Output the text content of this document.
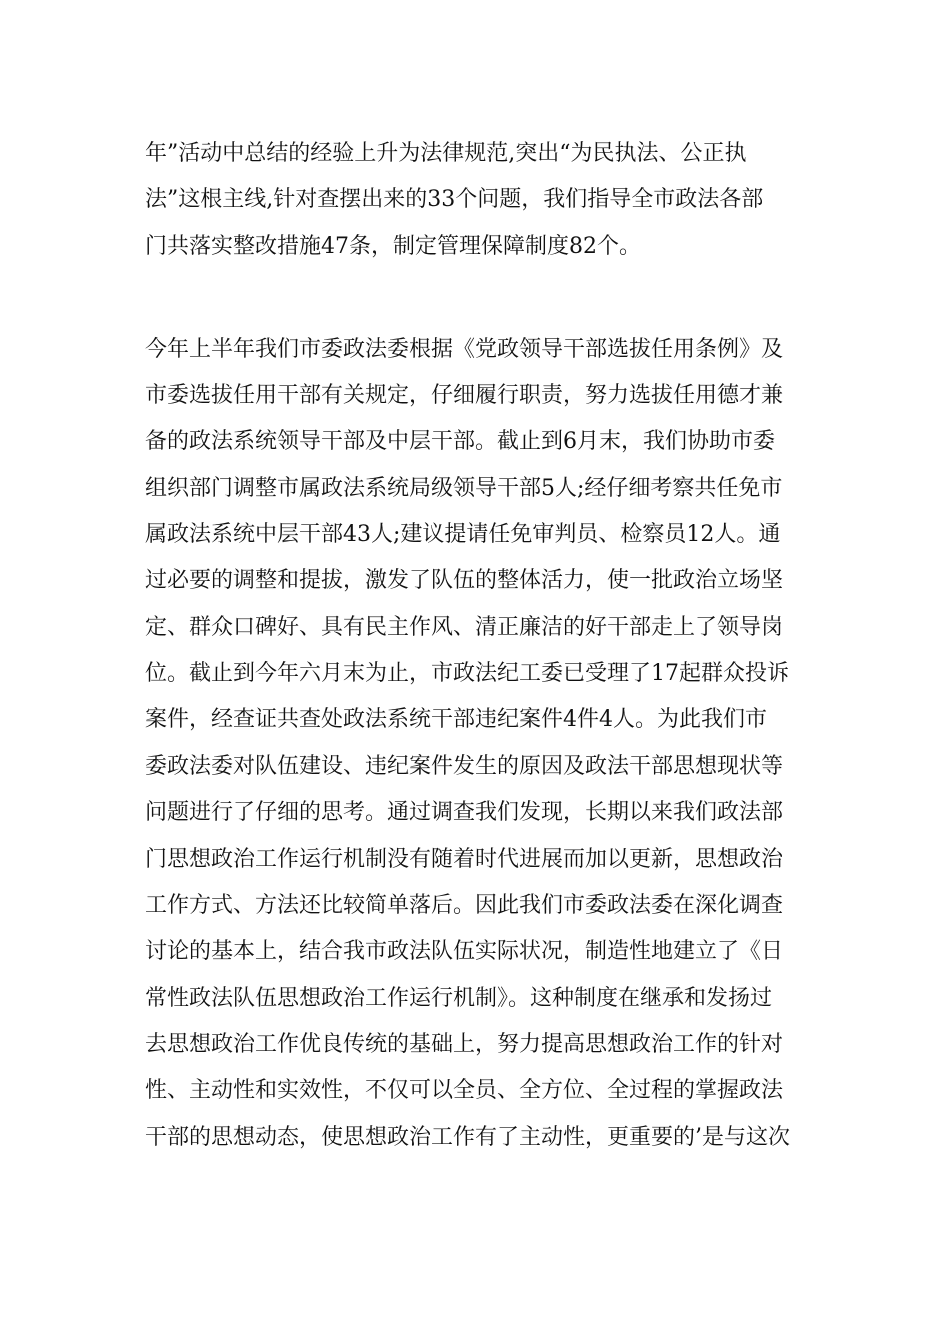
年”活动中总结的经验上升为法律规范,突出“为民执法、公正执
法”这根主线,针对查摆出来的33个问题，我们指导全市政法各部
门共落实整改措施47条，制定管理保障制度82个。
今年上半年我们市委政法委根据《党政领导干部选拔任用条例》及
市委选拔任用干部有关规定，仔细履行职责，努力选拔任用德才兼
备的政法系统领导干部及中层干部。截止到6月末，我们协助市委
组织部门调整市属政法系统局级领导干部5人;经仔细考察共任免市
属政法系统中层干部43人;建议提请任免审判员、检察员12人。通
过必要的调整和提拔，激发了队伍的整体活力，使一批政治立场坚
定、群众口碑好、具有民主作风、清正廉洁的好干部走上了领导岗
位。截止到今年六月末为止，市政法纪工委已受理了17起群众投诉
案件，经查证共查处政法系统干部违纪案件4件4人。为此我们市
委政法委对队伍建设、违纪案件发生的原因及政法干部思想现状等
问题进行了仔细的思考。通过调查我们发现，长期以来我们政法部
门思想政治工作运行机制没有随着时代进展而加以更新，思想政治
工作方式、方法还比较简单落后。因此我们市委政法委在深化调查
讨论的基本上，结合我市政法队伍实际状况，制造性地建立了《日
常性政法队伍思想政治工作运行机制》。这种制度在继承和发扬过
去思想政治工作优良传统的基础上，努力提高思想政治工作的针对
性、主动性和实效性，不仅可以全员、全方位、全过程的掌握政法
干部的思想动态，使思想政治工作有了主动性，更重要的’是与这次
